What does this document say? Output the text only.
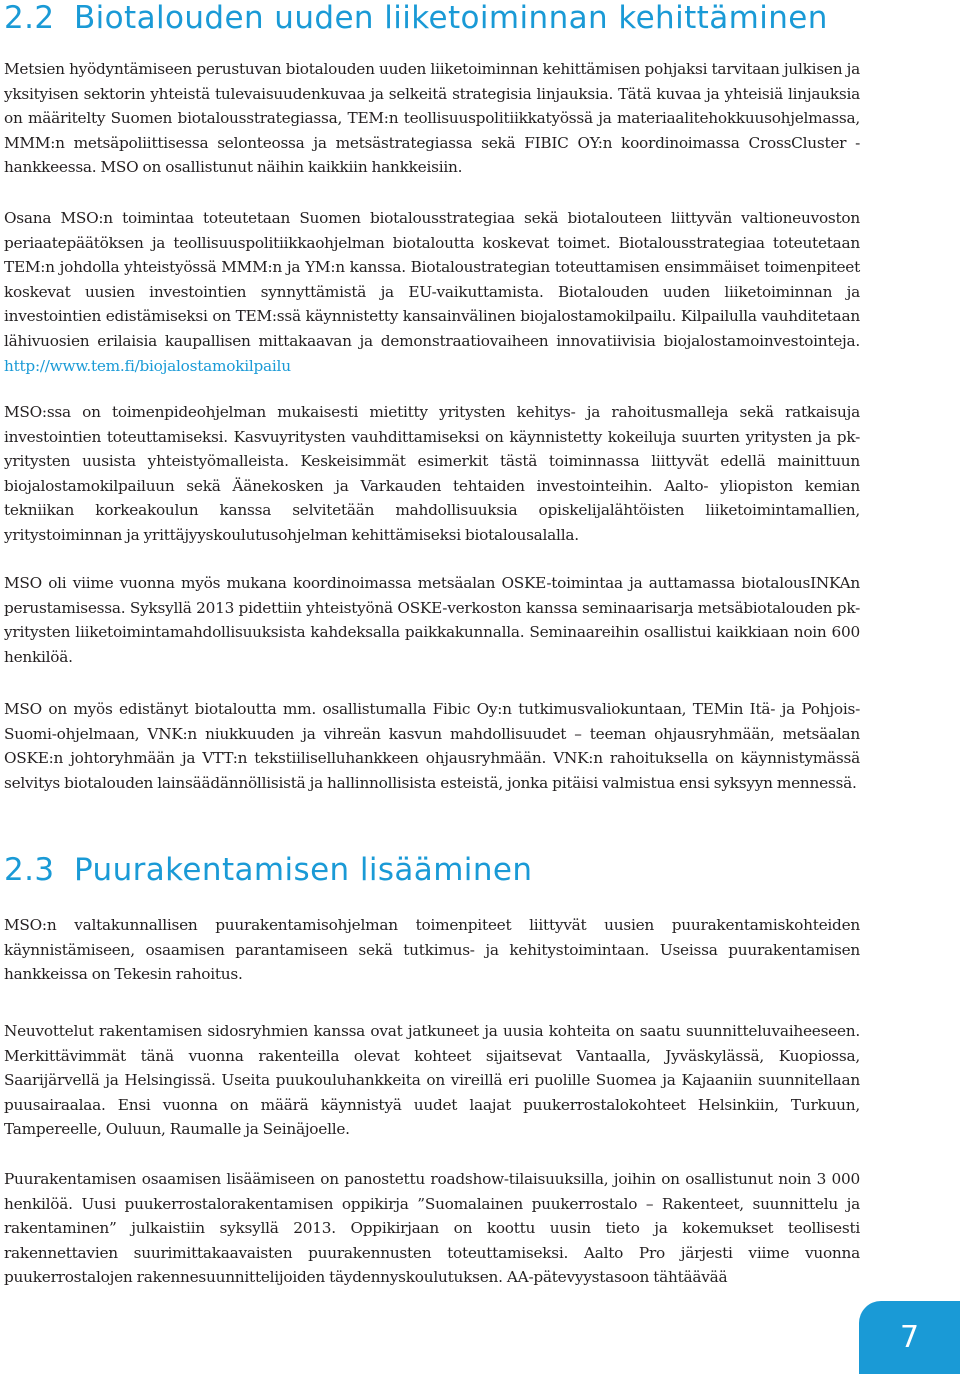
2.2 Biotalouden uuden liiketoiminnan kehittäminen
Metsien hyödyntämiseen perustuvan biotalouden uuden liiketoiminnan kehittämisen pohjaksi tarvitaan julkisen ja yksityisen sektorin yhteistä tulevaisuudenkuvaa ja selkeitä strategisia linjauksia. Tätä kuvaa ja yhteisiä linjauksia on määritelty Suomen biotalousstrategiassa, TEM:n teollisuuspolitiikkatyössä ja materiaalitehokkuusohjelmassa, MMM:n metsäpoliittisessa selonteossa ja metsästrategiassa sekä FIBIC OY:n koordinoimassa CrossCluster -hankkeessa. MSO on osallistunut näihin kaikkiin hankkeisiin.
Osana MSO:n toimintaa toteutetaan Suomen biotalousstrategiaa sekä biotalouteen liittyvän valtioneuvoston periaatepäätöksen ja teollisuuspolitiikkaohjelman biotaloutta koskevat toimet. Biotalousstrategiaa toteutetaan TEM:n johdolla yhteistyössä MMM:n ja YM:n kanssa. Biotaloustrategian toteuttamisen ensimmäiset toimenpiteet koskevat uusien investointien synnyttämistä ja EU-vaikuttamista. Biotalouden uuden liiketoiminnan ja investointien edistämiseksi on TEM:ssä käynnistetty kansainvälinen biojalostamokilpailu. Kilpailulla vauhditetaan lähivuosien erilaisia kaupallisen mittakaavan ja demonstraatiovaiheen innovatiivisia biojalostamoinvestointeja. http://www.tem.fi/biojalostamokilpailu
MSO:ssa on toimenpideohjelman mukaisesti mietitty yritysten kehitys- ja rahoitusmalleja sekä ratkaisuja investointien toteuttamiseksi. Kasvuyritysten vauhdittamiseksi on käynnistetty kokeiluja suurten yritysten ja pk-yritysten uusista yhteistyömalleista. Keskeisimmät esimerkit tästä toiminnassa liittyvät edellä mainittuun biojalostamokilpailuun sekä Äänekosken ja Varkauden tehtaiden investointeihin. Aalto- yliopiston kemian tekniikan korkeakoulun kanssa selvitetään mahdollisuuksia opiskelijalähtöisten liiketoimintamallien, yritystoiminnan ja yrittäjyyskoulutusohjelman kehittämiseksi biotalousalalla.
MSO oli viime vuonna myös mukana koordinoimassa metsäalan OSKE-toimintaa ja auttamassa biotalousINKAn perustamisessa. Syksyllä 2013 pidettiin yhteistyönä OSKE-verkoston kanssa seminaarisarja metsäbiotalouden pk-yritysten liiketoimintamahdollisuuksista kahdeksalla paikkakunnalla. Seminaareihin osallistui kaikkiaan noin 600 henkilöä.
MSO on myös edistänyt biotaloutta mm. osallistumalla Fibic Oy:n tutkimusvaliokuntaan, TEMin Itä- ja Pohjois-Suomi-ohjelmaan, VNK:n niukkuuden ja vihreän kasvun mahdollisuudet – teeman ohjausryhmään, metsäalan OSKE:n johtoryhmään ja VTT:n tekstiiliselluhankkeen ohjausryhmään. VNK:n rahoituksella on käynnistymässä selvitys biotalouden lainsäädännöllisistä ja hallinnollisista esteistä, jonka pitäisi valmistua ensi syksyyn mennessä.
2.3 Puurakentamisen lisääminen
MSO:n valtakunnallisen puurakentamisohjelman toimenpiteet liittyvät uusien puurakentamiskohteiden käynnistämiseen, osaamisen parantamiseen sekä tutkimus- ja kehitystoimintaan. Useissa puurakentamisen hankkeissa on Tekesin rahoitus.
Neuvottelut rakentamisen sidosryhmien kanssa ovat jatkuneet ja uusia kohteita on saatu suunnitteluvaiheeseen. Merkittävimmät tänä vuonna rakenteilla olevat kohteet sijaitsevat Vantaalla, Jyväskylässä, Kuopiossa, Saarijärvellä ja Helsingissä. Useita puukouluhankkeita on vireillä eri puolille Suomea ja Kajaaniin suunnitellaan puusairaalaa. Ensi vuonna on määrä käynnistyä uudet laajat puukerrostalokohteet Helsinkiin, Turkuun, Tampereelle, Ouluun, Raumalle ja Seinäjoelle.
Puurakentamisen osaamisen lisäämiseen on panostettu roadshow-tilaisuuksilla, joihin on osallistunut noin 3 000 henkilöä. Uusi puukerrostalorakentamisen oppikirja ”Suomalainen puukerrostalo – Rakenteet, suunnittelu ja rakentaminen” julkaistiin syksyllä 2013. Oppikirjaan on koottu uusin tieto ja kokemukset teollisesti rakennettavien suurimittakaavaisten puurakennusten toteuttamiseksi. Aalto Pro järjesti viime vuonna puukerrostalojen rakennesuunnittelijoiden täydennyskoulutuksen. AA-pätevyystasoon tähtäävää
7
